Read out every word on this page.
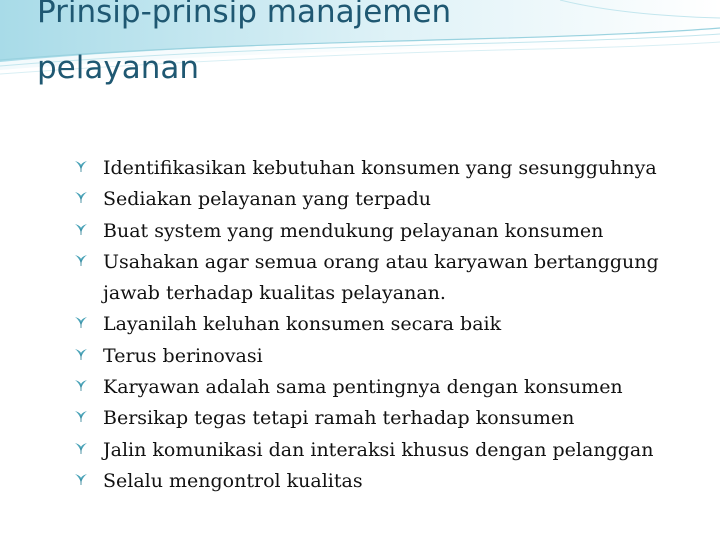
Prinsip-prinsip manajemen
pelayanan
Identifikasikan kebutuhan konsumen yang sesungguhnya
Sediakan pelayanan yang terpadu
Buat system yang mendukung pelayanan konsumen
Usahakan agar semua orang atau karyawan bertanggung jawab terhadap kualitas pelayanan.
Layanilah keluhan konsumen secara baik
Terus berinovasi
Karyawan adalah sama pentingnya dengan konsumen
Bersikap tegas tetapi ramah terhadap konsumen
Jalin komunikasi dan interaksi khusus dengan pelanggan
Selalu mengontrol kualitas
